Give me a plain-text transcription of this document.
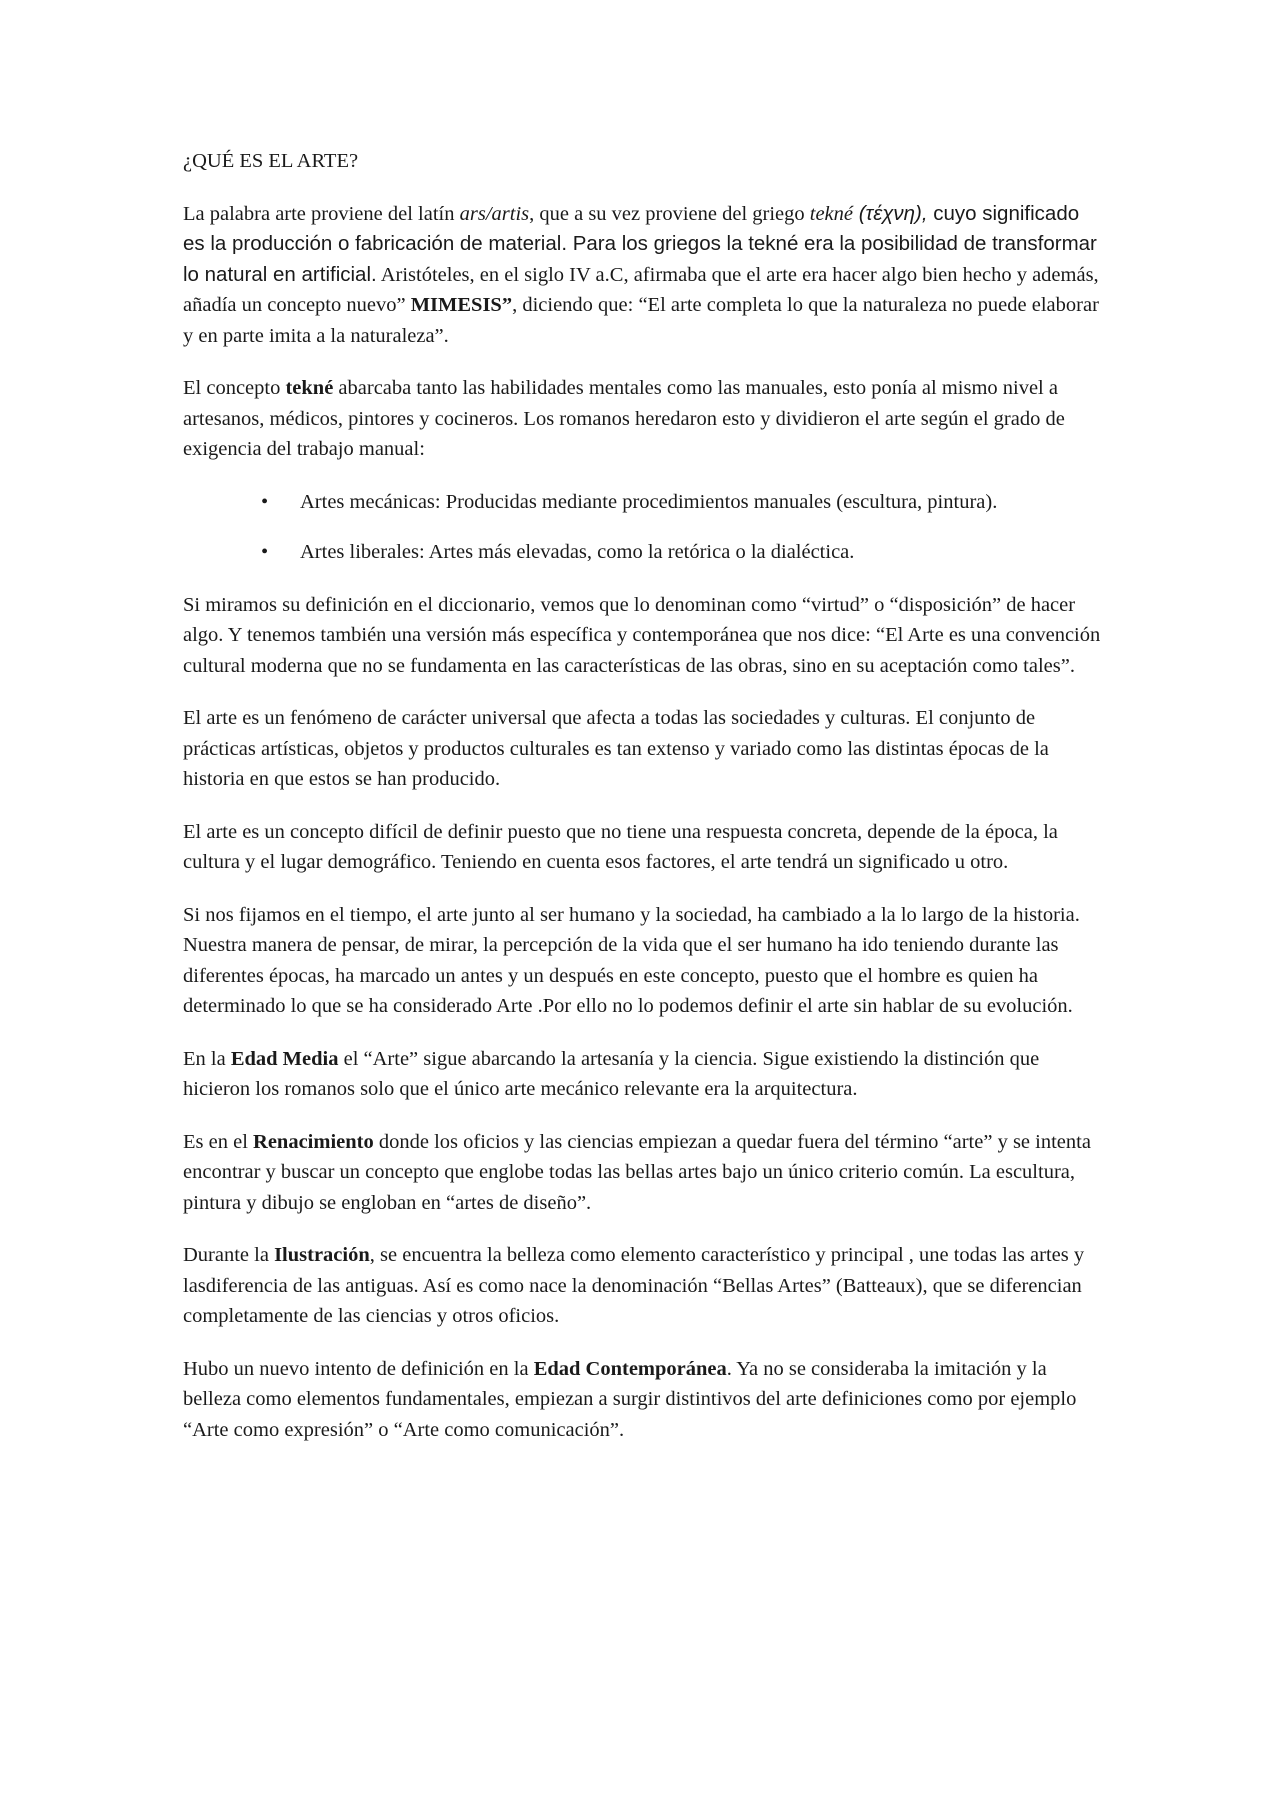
¿QUÉ ES EL ARTE?

La palabra arte proviene del latín ars/artis, que a su vez proviene del griego tekné (τέχνη), cuyo significado es la producción o fabricación de material. Para los griegos la tekné era la posibilidad de transformar lo natural en artificial. Aristóteles, en el siglo IV a.C, afirmaba que el arte era hacer algo bien hecho y además, añadía un concepto nuevo” MIMESIS”, diciendo que: “El arte completa lo que la naturaleza no puede elaborar y en parte imita a la naturaleza”.

El concepto tekné abarcaba tanto las habilidades mentales como las manuales, esto ponía al mismo nivel a artesanos, médicos, pintores y cocineros. Los romanos heredaron esto y dividieron el arte según el grado de exigencia del trabajo manual:

• Artes mecánicas: Producidas mediante procedimientos manuales (escultura, pintura).
• Artes liberales: Artes más elevadas, como la retórica o la dialéctica.

Si miramos su definición en el diccionario, vemos que lo denominan como “virtud” o “disposición” de hacer algo. Y tenemos también una versión más específica y contemporánea que nos dice: “El Arte es una convención cultural moderna que no se fundamenta en las características de las obras, sino en su aceptación como tales”.

El arte es un fenómeno de carácter universal que afecta a todas las sociedades y culturas. El conjunto de prácticas artísticas, objetos y productos culturales es tan extenso y variado como las distintas épocas de la historia en que estos se han producido.

El arte es un concepto difícil de definir puesto que no tiene una respuesta concreta, depende de la época, la cultura y el lugar demográfico. Teniendo en cuenta esos factores, el arte tendrá un significado u otro.

Si nos fijamos en el tiempo, el arte junto al ser humano y la sociedad, ha cambiado a la lo largo de la historia. Nuestra manera de pensar, de mirar, la percepción de la vida que el ser humano ha ido teniendo durante las diferentes épocas, ha marcado un antes y un después en este concepto, puesto que el hombre es quien ha determinado lo que se ha considerado Arte .Por ello no lo podemos definir el arte sin hablar de su evolución.

En la Edad Media el “Arte” sigue abarcando la artesanía y la ciencia. Sigue existiendo la distinción que hicieron los romanos solo que el único arte mecánico relevante era la arquitectura.

Es en el Renacimiento donde los oficios y las ciencias empiezan a quedar fuera del término “arte” y se intenta encontrar y buscar un concepto que englobe todas las bellas artes bajo un único criterio común. La escultura, pintura y dibujo se engloban en “artes de diseño”.

Durante la Ilustración, se encuentra la belleza como elemento característico y principal , une todas las artes y lasdiferencia de las antiguas. Así es como nace la denominación “Bellas Artes” (Batteaux), que se diferencian completamente de las ciencias y otros oficios.

Hubo un nuevo intento de definición en la Edad Contemporánea. Ya no se consideraba la imitación y la belleza como elementos fundamentales, empiezan a surgir distintivos del arte definiciones como por ejemplo “Arte como expresión” o “Arte como comunicación”.
